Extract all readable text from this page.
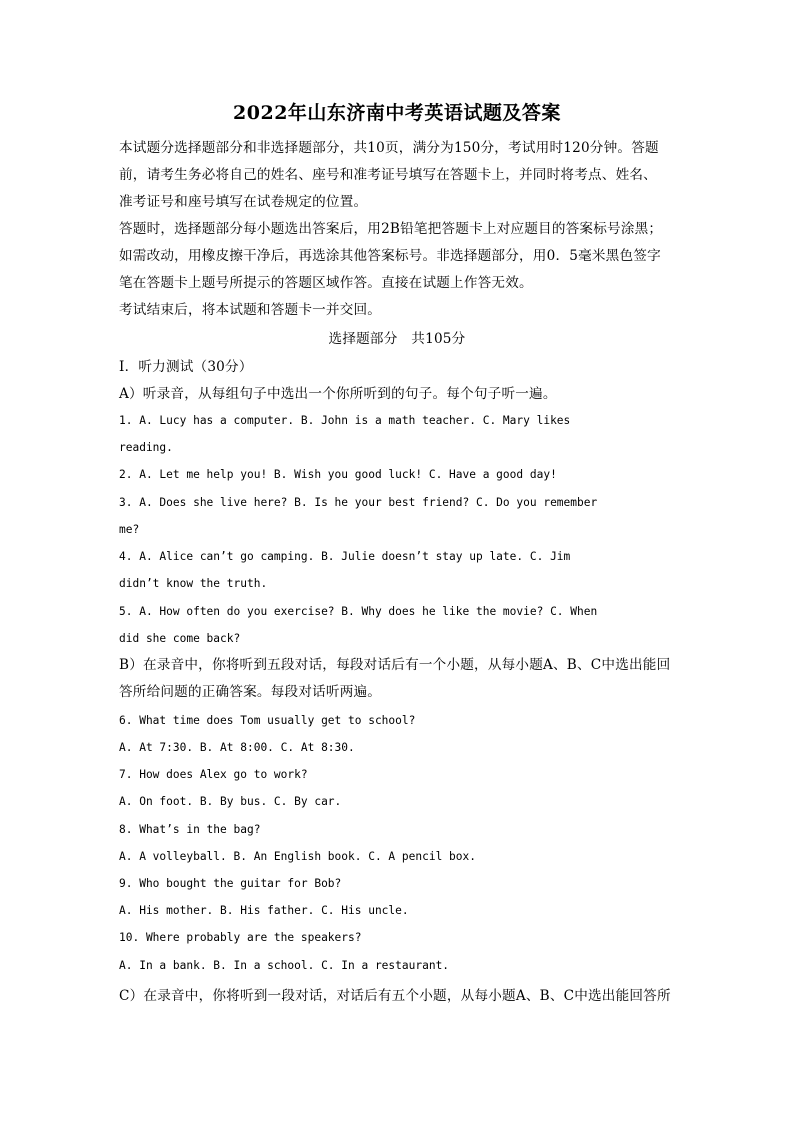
2022年山东济南中考英语试题及答案
本试题分选择题部分和非选择题部分，共10页，满分为150分，考试用时120分钟。答题
前，请考生务必将自己的姓名、座号和准考证号填写在答题卡上，并同时将考点、姓名、
准考证号和座号填写在试卷规定的位置。
答题时，选择题部分每小题选出答案后，用2B铅笔把答题卡上对应题目的答案标号涂黑；
如需改动，用橡皮擦干净后，再选涂其他答案标号。非选择题部分，用0．5毫米黑色签字
笔在答题卡上题号所提示的答题区域作答。直接在试题上作答无效。
考试结束后，将本试题和答题卡一并交回。
选择题部分　共105分
Ⅰ．听力测试（30分）
A）听录音，从每组句子中选出一个你所听到的句子。每个句子听一遍。
1. A. Lucy has a computer. B. John is a math teacher. C. Mary likes
reading.
2. A. Let me help you! B. Wish you good luck! C. Have a good day!
3. A. Does she live here? B. Is he your best friend? C. Do you remember
me?
4. A. Alice can’t go camping. B. Julie doesn’t stay up late. C. Jim
didn’t know the truth.
5. A. How often do you exercise? B. Why does he like the movie? C. When
did she come back?
B）在录音中，你将听到五段对话，每段对话后有一个小题，从每小题A、B、C中选出能回
答所给问题的正确答案。每段对话听两遍。
6. What time does Tom usually get to school?
A. At 7:30. B. At 8:00. C. At 8:30.
7. How does Alex go to work?
A. On foot. B. By bus. C. By car.
8. What’s in the bag?
A. A volleyball. B. An English book. C. A pencil box.
9. Who bought the guitar for Bob?
A. His mother. B. His father. C. His uncle.
10. Where probably are the speakers?
A. In a bank. B. In a school. C. In a restaurant.
C）在录音中，你将听到一段对话，对话后有五个小题，从每小题A、B、C中选出能回答所
